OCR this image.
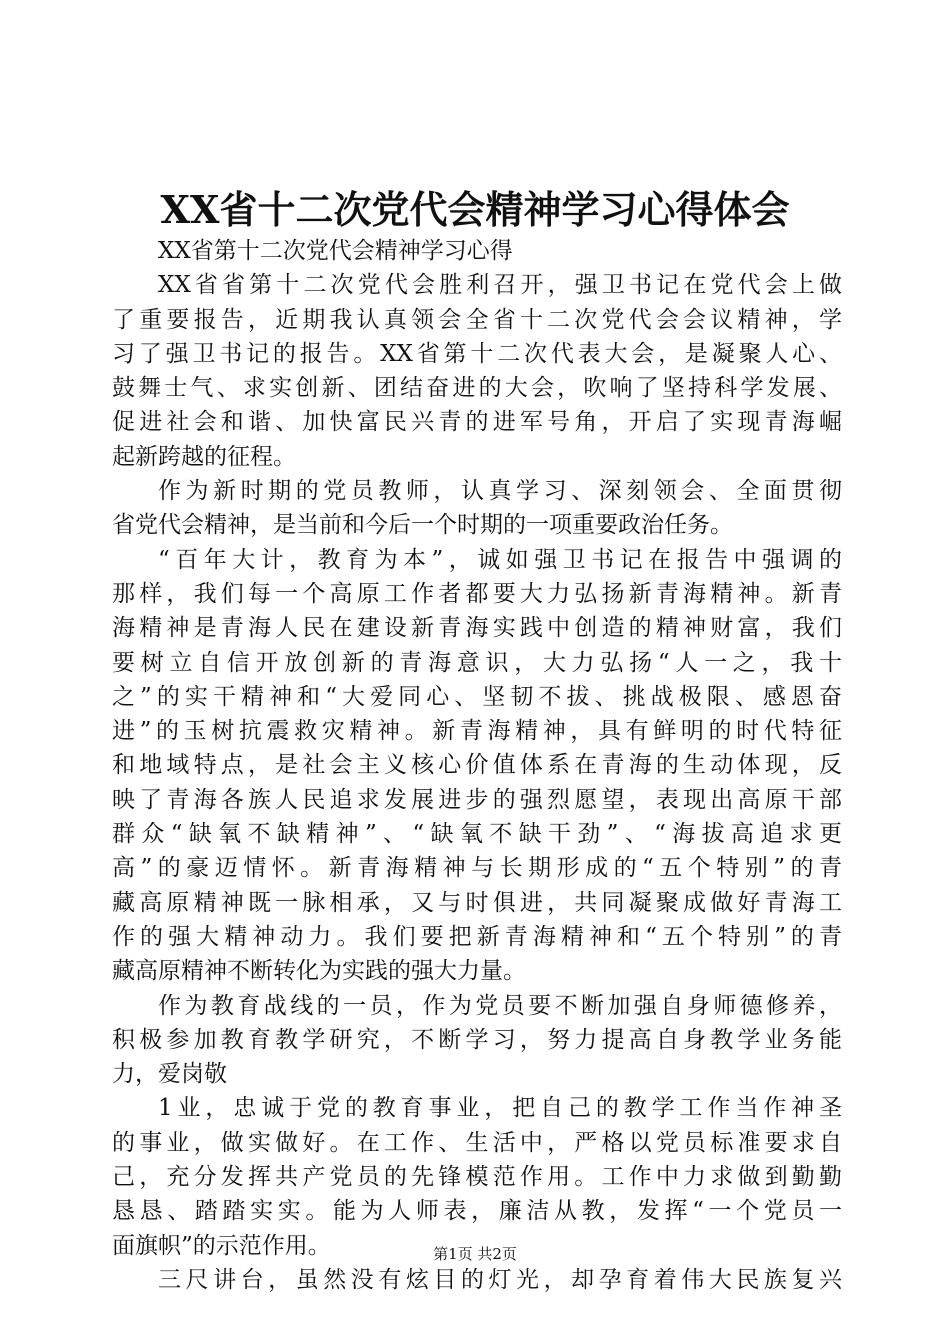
XX省十二次党代会精神学习心得体会
XX省第十二次党代会精神学习心得
XX省省第十二次党代会胜利召开，强卫书记在党代会上做
了重要报告，近期我认真领会全省十二次党代会会议精神，学
习了强卫书记的报告。XX省第十二次代表大会，是凝聚人心、
鼓舞士气、求实创新、团结奋进的大会，吹响了坚持科学发展、
促进社会和谐、加快富民兴青的进军号角，开启了实现青海崛
起新跨越的征程。
作为新时期的党员教师，认真学习、深刻领会、全面贯彻
省党代会精神，是当前和今后一个时期的一项重要政治任务。
“百年大计，教育为本”，诚如强卫书记在报告中强调的
那样，我们每一个高原工作者都要大力弘扬新青海精神。新青
海精神是青海人民在建设新青海实践中创造的精神财富，我们
要树立自信开放创新的青海意识，大力弘扬“人一之，我十
之”的实干精神和“大爱同心、坚韧不拔、挑战极限、感恩奋
进”的玉树抗震救灾精神。新青海精神，具有鲜明的时代特征
和地域特点，是社会主义核心价值体系在青海的生动体现，反
映了青海各族人民追求发展进步的强烈愿望，表现出高原干部
群众“缺氧不缺精神”、“缺氧不缺干劲”、“海拔高追求更
高”的豪迈情怀。新青海精神与长期形成的“五个特别”的青
藏高原精神既一脉相承，又与时俱进，共同凝聚成做好青海工
作的强大精神动力。我们要把新青海精神和“五个特别”的青
藏高原精神不断转化为实践的强大力量。
作为教育战线的一员，作为党员要不断加强自身师德修养，
积极参加教育教学研究，不断学习，努力提高自身教学业务能
力，爱岗敬
1业，忠诚于党的教育事业，把自己的教学工作当作神圣
的事业，做实做好。在工作、生活中，严格以党员标准要求自
己，充分发挥共产党员的先锋模范作用。工作中力求做到勤勤
恳恳、踏踏实实。能为人师表，廉洁从教，发挥“一个党员一
面旗帜”的示范作用。
三尺讲台，虽然没有炫目的灯光，却孕育着伟大民族复兴
第1页 共2页
